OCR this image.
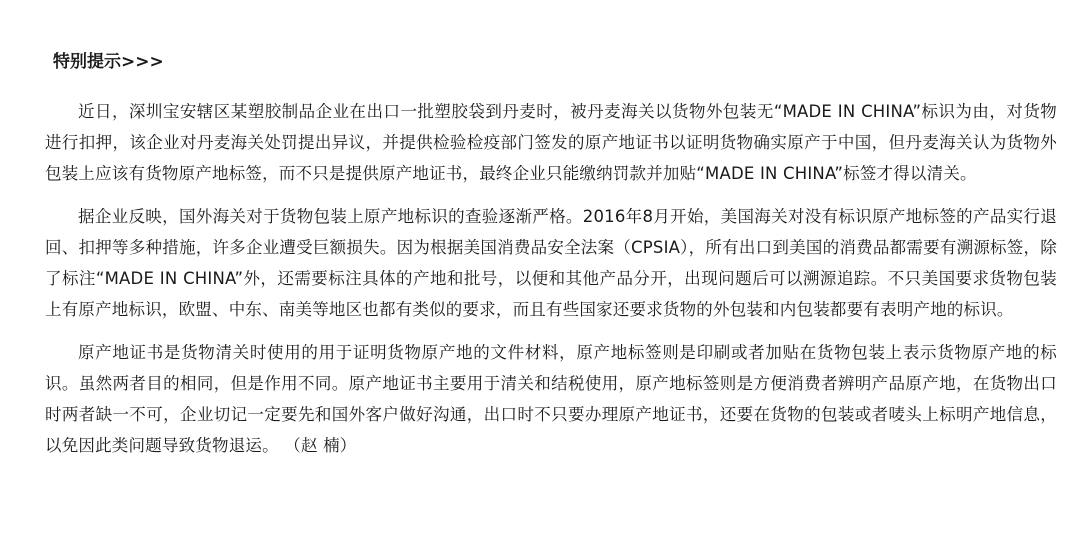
特别提示>>>

近日，深圳宝安辖区某塑胶制品企业在出口一批塑胶袋到丹麦时，被丹麦海关以货物外包装无“MADE IN CHINA”标识为由，对货物进行扣押，该企业对丹麦海关处罚提出异议，并提供检验检疫部门签发的原产地证书以证明货物确实原产于中国，但丹麦海关认为货物外包装上应该有货物原产地标签，而不只是提供原产地证书，最终企业只能缴纳罚款并加贴“MADE IN CHINA”标签才得以清关。

据企业反映，国外海关对于货物包装上原产地标识的查验逐渐严格。2016年8月开始，美国海关对没有标识原产地标签的产品实行退回、扣押等多种措施，许多企业遭受巨额损失。因为根据美国消费品安全法案（CPSIA），所有出口到美国的消费品都需要有溯源标签，除了标注“MADE IN CHINA”外，还需要标注具体的产地和批号，以便和其他产品分开，出现问题后可以溯源追踪。不只美国要求货物包装上有原产地标识，欧盟、中东、南美等地区也都有类似的要求，而且有些国家还要求货物的外包装和内包装都要有表明产地的标识。

原产地证书是货物清关时使用的用于证明货物原产地的文件材料，原产地标签则是印刷或者加贴在货物包装上表示货物原产地的标识。虽然两者目的相同，但是作用不同。原产地证书主要用于清关和结税使用，原产地标签则是方便消费者辨明产品原产地，在货物出口时两者缺一不可，企业切记一定要先和国外客户做好沟通，出口时不只要办理原产地证书，还要在货物的包装或者唛头上标明产地信息，以免因此类问题导致货物退运。 （赵 楠）
